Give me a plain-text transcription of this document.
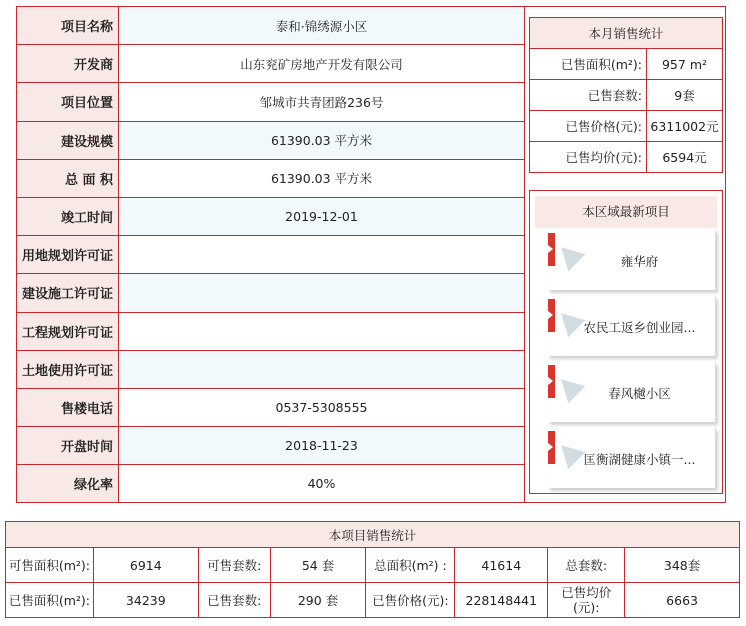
项目名称	泰和·锦绣源小区
开发商	山东兖矿房地产开发有限公司
项目位置	邹城市共青团路236号
建设规模	61390.03 平方米
总 面 积	61390.03 平方米
竣工时间	2019-12-01
用地规划许可证	
建设施工许可证	
工程规划许可证	
土地使用许可证	
售楼电话	0537-5308555
开盘时间	2018-11-23
绿化率	40%
本月销售统计	
已售面积(m²):	957 m²
已售套数:	9套
已售价格(元):	6311002元
已售均价(元):	6594元
本区域最新项目
雍华府
农民工返乡创业园...
春风樾小区
匡衡湖健康小镇一...
本项目销售统计							
可售面积(m²):	6914	可售套数:	54 套	总面积(m²) :	41614	总套数:	348套
已售面积(m²):	34239	已售套数:	290 套	已售价格(元):	228148441	已售均价(元):	6663
